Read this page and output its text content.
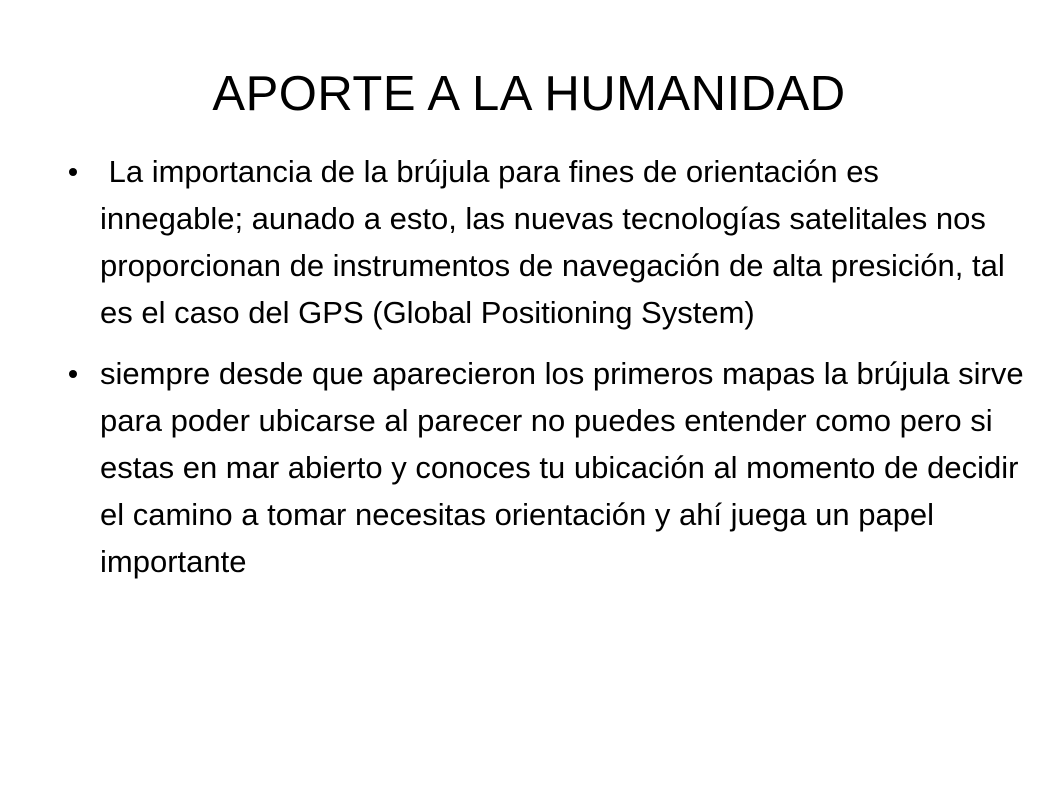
APORTE A LA HUMANIDAD
La importancia de la brújula para fines de orientación es innegable; aunado a esto, las nuevas tecnologías satelitales nos proporcionan de instrumentos de navegación de alta presición, tal es el caso del GPS (Global Positioning System)
siempre desde que aparecieron los primeros mapas la brújula sirve para poder ubicarse al parecer no puedes entender como pero si estas en mar abierto y conoces tu ubicación al momento de decidir el camino a tomar necesitas orientación y ahí juega un papel importante
